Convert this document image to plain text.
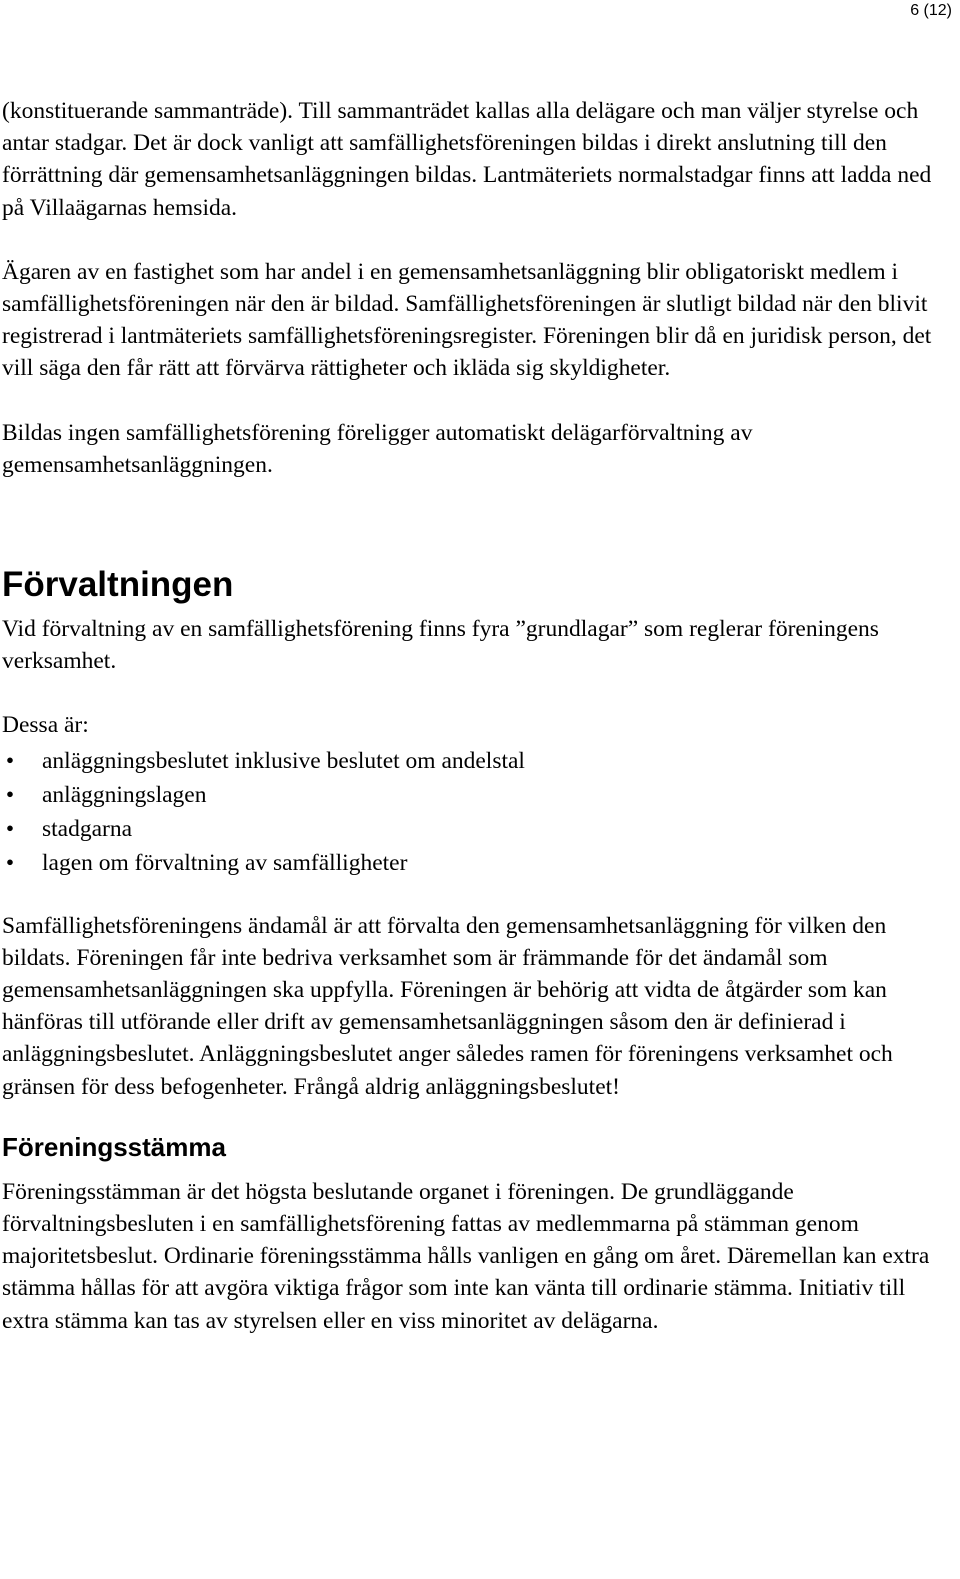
6 (12)

(konstituerande sammanträde). Till sammanträdet kallas alla delägare och man väljer styrelse och antar stadgar. Det är dock vanligt att samfällighetsföreningen bildas i direkt anslutning till den förrättning där gemensamhetsanläggningen bildas. Lantmäteriets normalstadgar finns att ladda ned på Villaägarnas hemsida.

Ägaren av en fastighet som har andel i en gemensamhetsanläggning blir obligatoriskt medlem i samfällighetsföreningen när den är bildad. Samfällighetsföreningen är slutligt bildad när den blivit registrerad i lantmäteriets samfällighetsföreningsregister. Föreningen blir då en juridisk person, det vill säga den får rätt att förvärva rättigheter och ikläda sig skyldigheter.

Bildas ingen samfällighetsförening föreligger automatiskt delägarförvaltning av gemensamhetsanläggningen.

Förvaltningen

Vid förvaltning av en samfällighetsförening finns fyra ”grundlagar” som reglerar föreningens verksamhet.

Dessa är:

• anläggningsbeslutet inklusive beslutet om andelstal
• anläggningslagen
• stadgarna
• lagen om förvaltning av samfälligheter

Samfällighetsföreningens ändamål är att förvalta den gemensamhetsanläggning för vilken den bildats. Föreningen får inte bedriva verksamhet som är främmande för det ändamål som gemensamhetsanläggningen ska uppfylla. Föreningen är behörig att vidta de åtgärder som kan hänföras till utförande eller drift av gemensamhetsanläggningen såsom den är definierad i anläggningsbeslutet. Anläggningsbeslutet anger således ramen för föreningens verksamhet och gränsen för dess befogenheter. Frångå aldrig anläggningsbeslutet!

Föreningsstämma

Föreningsstämman är det högsta beslutande organet i föreningen. De grundläggande förvaltningsbesluten i en samfällighetsförening fattas av medlemmarna på stämman genom majoritetsbeslut. Ordinarie föreningsstämma hålls vanligen en gång om året. Däremellan kan extra stämma hållas för att avgöra viktiga frågor som inte kan vänta till ordinarie stämma. Initiativ till extra stämma kan tas av styrelsen eller en viss minoritet av delägarna.
